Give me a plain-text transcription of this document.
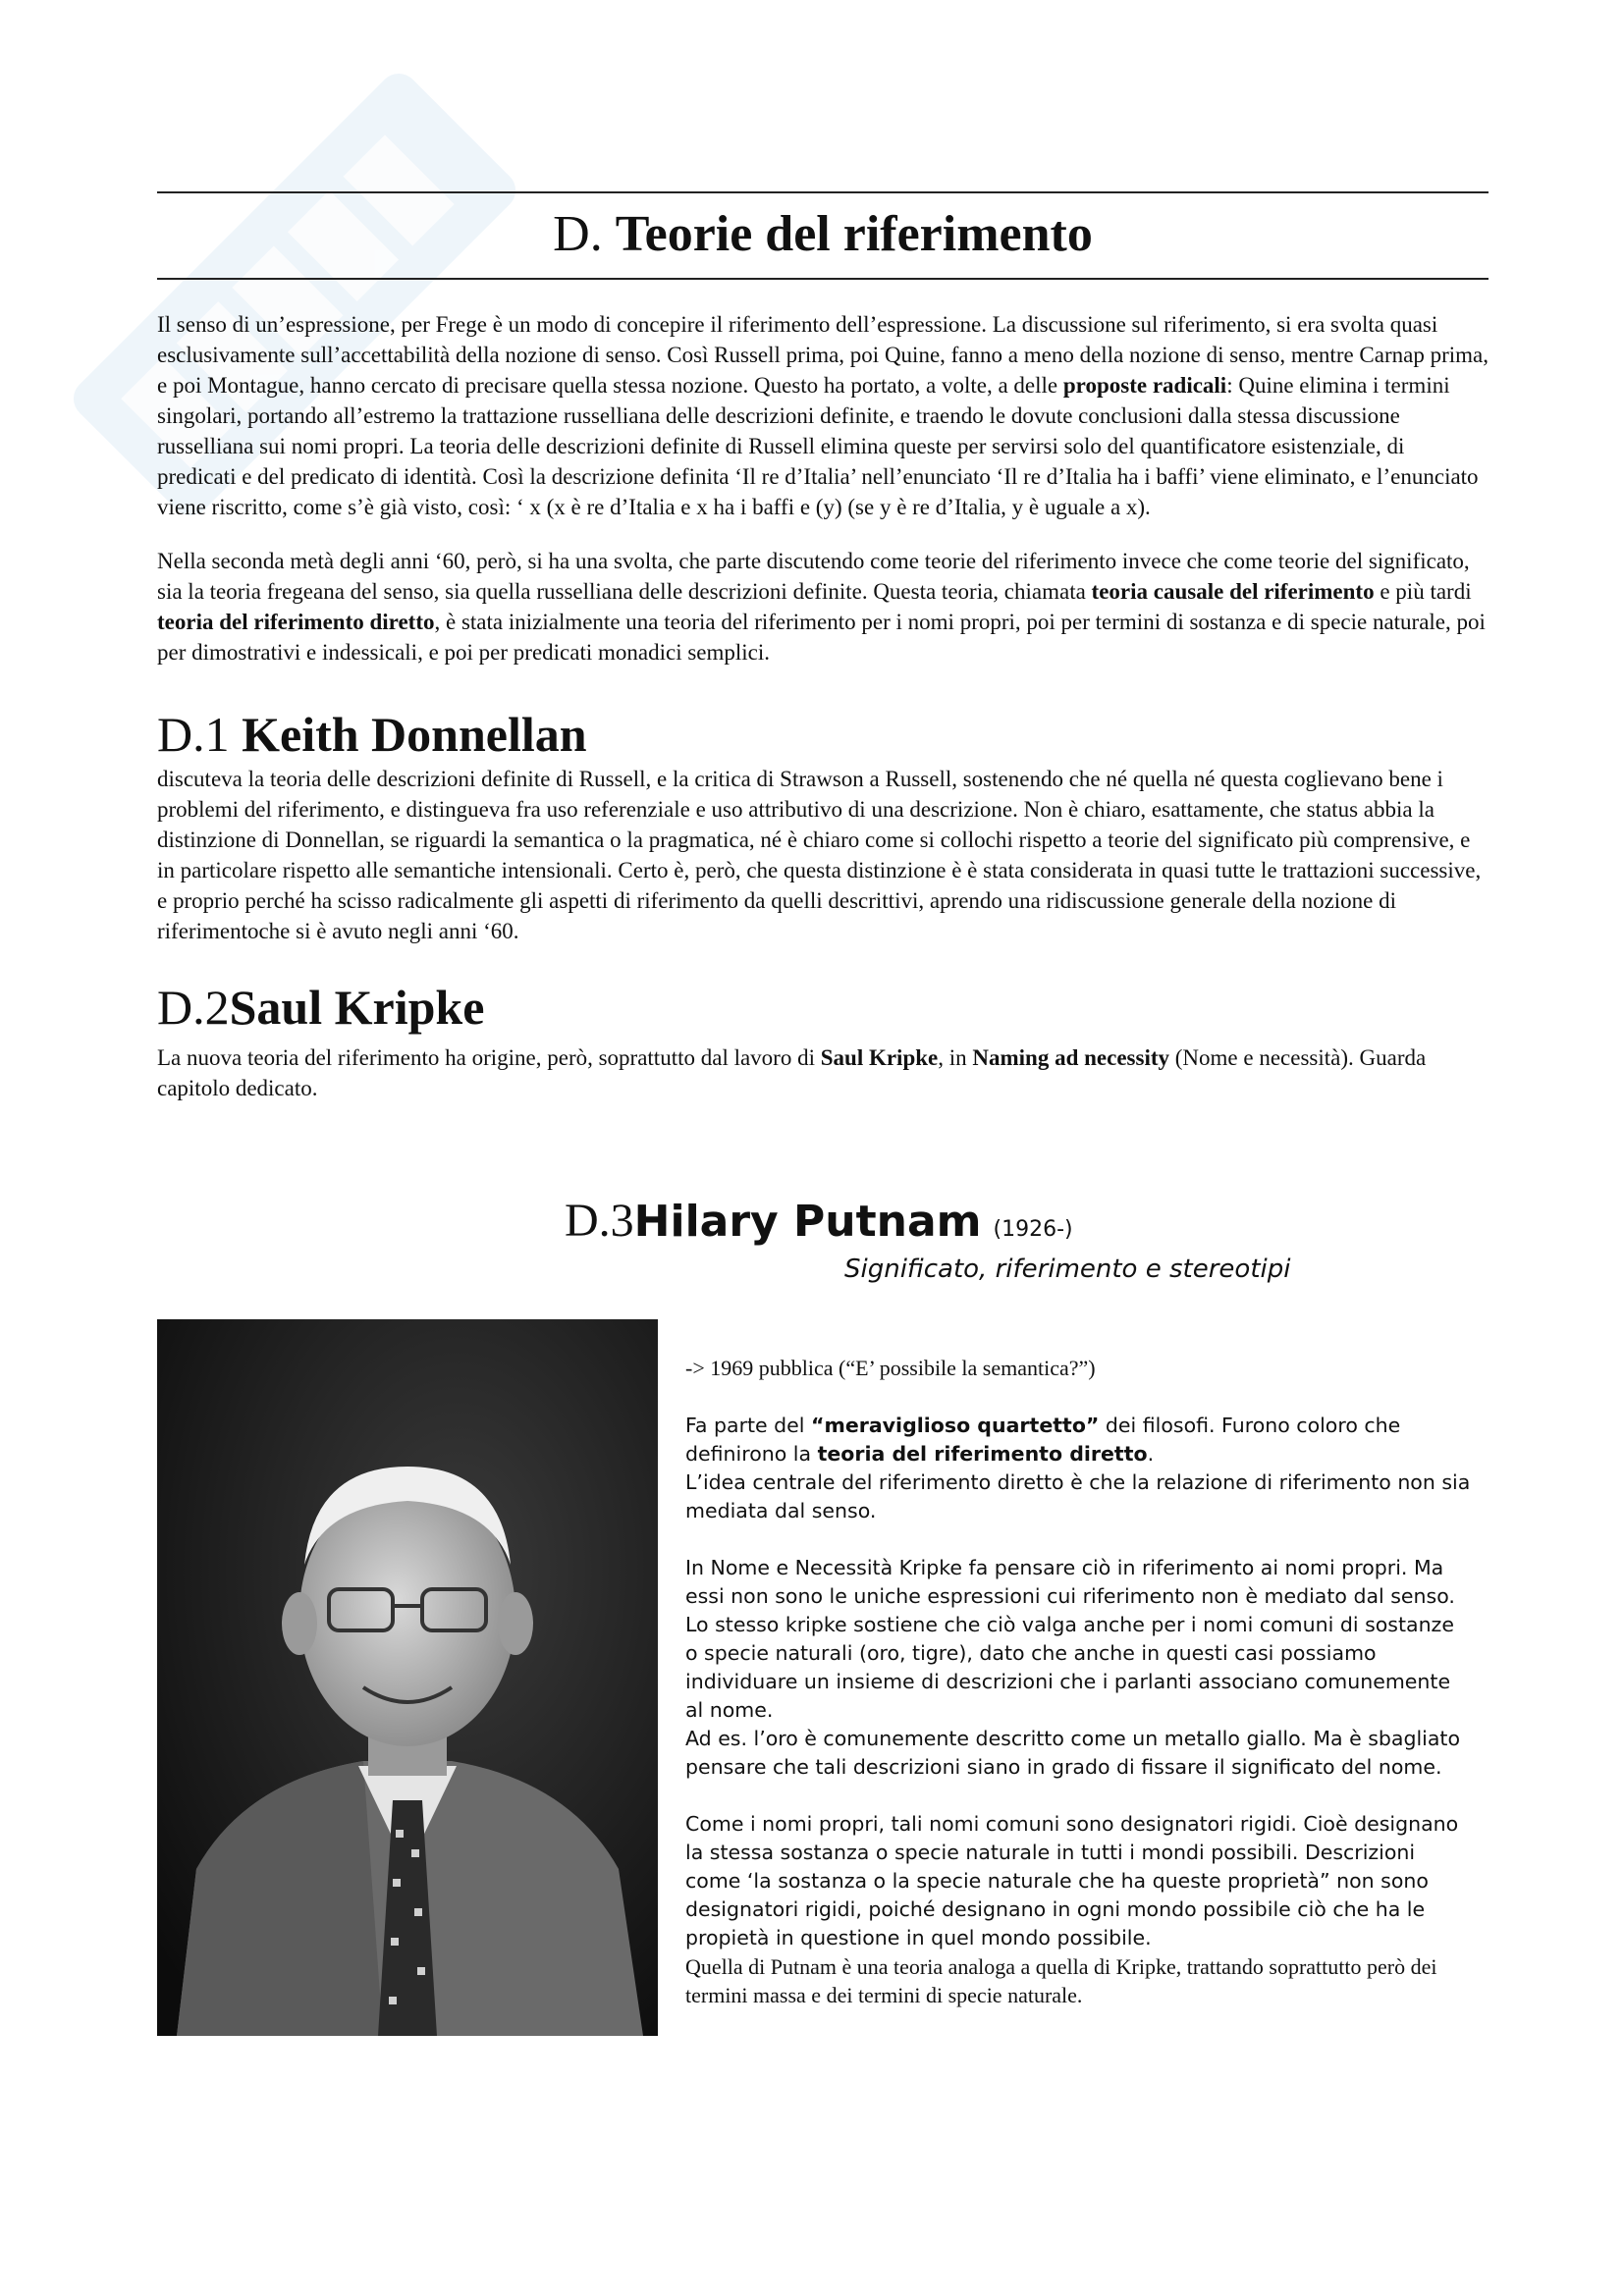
D. Teorie del riferimento

Il senso di un’espressione, per Frege è un modo di concepire il riferimento dell’espressione. La discussione sul riferimento, si era svolta quasi esclusivamente sull’accettabilità della nozione di senso. Così Russell prima, poi Quine, fanno a meno della nozione di senso, mentre Carnap prima, e poi Montague, hanno cercato di precisare quella stessa nozione. Questo ha portato, a volte, a delle proposte radicali: Quine elimina i termini singolari, portando all’estremo la trattazione russelliana delle descrizioni definite, e traendo le dovute conclusioni dalla stessa discussione russelliana sui nomi propri. La teoria delle descrizioni definite di Russell elimina queste per servirsi solo del quantificatore esistenziale, di predicati e del predicato di identità. Così la descrizione definita ‘Il re d’Italia’ nell’enunciato ‘Il re d’Italia ha i baffi’ viene eliminato, e l’enunciato viene riscritto, come s’è già visto, così: ‘ x (x è re d’Italia e x ha i baffi e (y) (se y è re d’Italia, y è uguale a x).

Nella seconda metà degli anni ‘60, però, si ha una svolta, che parte discutendo come teorie del riferimento invece che come teorie del significato, sia la teoria fregeana del senso, sia quella russelliana delle descrizioni definite. Questa teoria, chiamata teoria causale del riferimento e più tardi teoria del riferimento diretto, è stata inizialmente una teoria del riferimento per i nomi propri, poi per termini di sostanza e di specie naturale, poi per dimostrativi e indessicali, e poi per predicati monadici semplici.

D.1 Keith Donnellan

discuteva la teoria delle descrizioni definite di Russell, e la critica di Strawson a Russell, sostenendo che né quella né questa coglievano bene i problemi del riferimento, e distingueva fra uso referenziale e uso attributivo di una descrizione. Non è chiaro, esattamente, che status abbia la distinzione di Donnellan, se riguardi la semantica o la pragmatica, né è chiaro come si collochi rispetto a teorie del significato più comprensive, e in particolare rispetto alle semantiche intensionali. Certo è, però, che questa distinzione è è stata considerata in quasi tutte le trattazioni successive, e proprio perché ha scisso radicalmente gli aspetti di riferimento da quelli descrittivi, aprendo una ridiscussione generale della nozione di riferimentoche si è avuto negli anni ‘60.

D.2Saul Kripke

La nuova teoria del riferimento ha origine, però, soprattutto dal lavoro di Saul Kripke, in Naming ad necessity (Nome e necessità). Guarda capitolo dedicato.

D.3Hilary Putnam (1926-)
Significato, riferimento e stereotipi

-> 1969 pubblica (“E’ possibile la semantica?”)

Fa parte del “meraviglioso quartetto” dei filosofi. Furono coloro che definirono la teoria del riferimento diretto.

L’idea centrale del riferimento diretto è che la relazione di riferimento non sia mediata dal senso.

In Nome e Necessità Kripke fa pensare ciò in riferimento ai nomi propri. Ma essi non sono le uniche espressioni cui riferimento non è mediato dal senso. Lo stesso kripke sostiene che ciò valga anche per i nomi comuni di sostanze o specie naturali (oro, tigre), dato che anche in questi casi possiamo individuare un insieme di descrizioni che i parlanti associano comunemente al nome.

Ad es. l’oro è comunemente descritto come un metallo giallo. Ma è sbagliato pensare che tali descrizioni siano in grado di fissare il significato del nome.

Come i nomi propri, tali nomi comuni sono designatori rigidi. Cioè designano la stessa sostanza o specie naturale in tutti i mondi possibili. Descrizioni come ‘la sostanza o la specie naturale che ha queste proprietà” non sono designatori rigidi, poiché designano in ogni mondo possibile ciò che ha le propietà in questione in quel mondo possibile.

Quella di Putnam è una teoria analoga a quella di Kripke, trattando soprattutto però dei termini massa e dei termini di specie naturale.
